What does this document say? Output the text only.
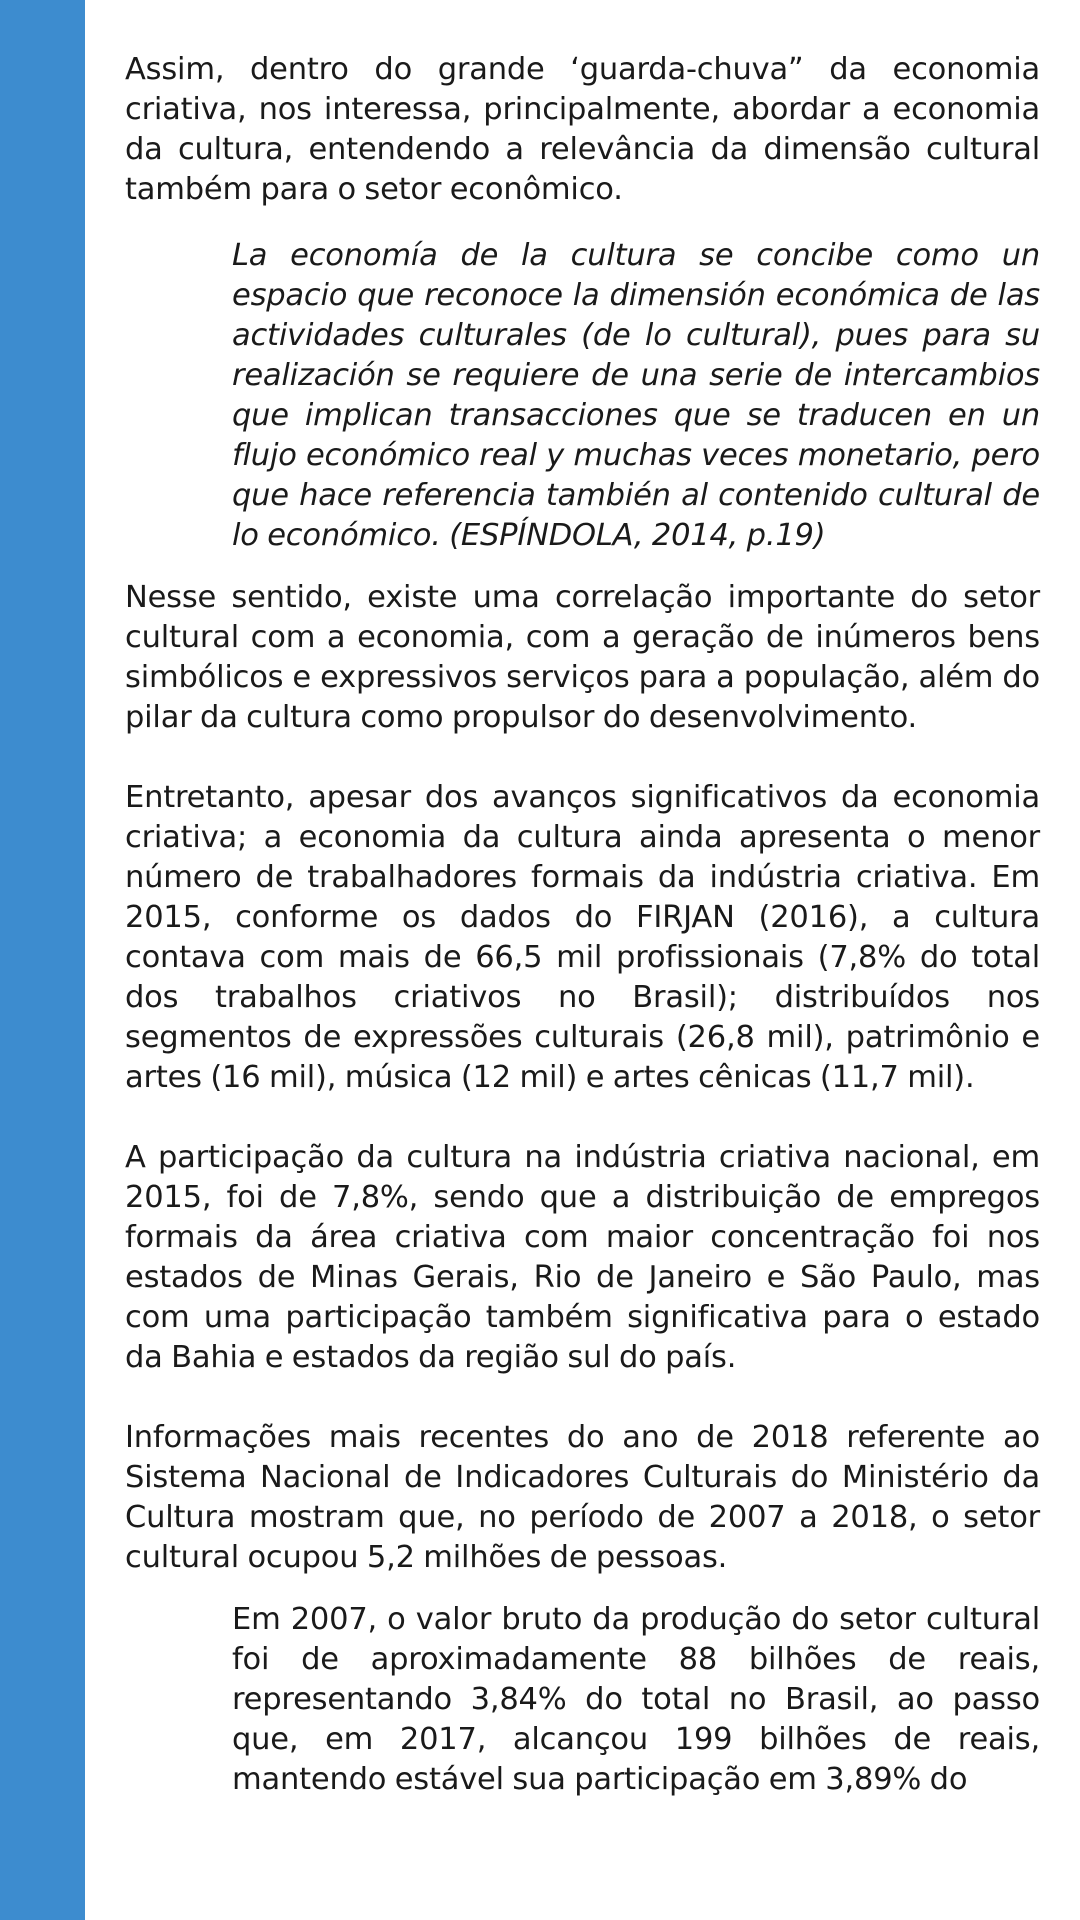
Assim, dentro do grande ‘guarda-chuva” da economia criativa, nos interessa, principalmente, abordar a economia da cultura, entendendo a relevância da dimensão cultural também para o setor econômico.

La economía de la cultura se concibe como un espacio que reconoce la dimensión económica de las actividades culturales (de lo cultural), pues para su realización se requiere de una serie de intercambios que implican transacciones que se traducen en un flujo económico real y muchas veces monetario, pero que hace referencia también al contenido cultural de lo económico. (ESPÍNDOLA, 2014, p.19)

Nesse sentido, existe uma correlação importante do setor cultural com a economia, com a geração de inúmeros bens simbólicos e expressivos serviços para a população, além do pilar da cultura como propulsor do desenvolvimento.

Entretanto, apesar dos avanços significativos da economia criativa; a economia da cultura ainda apresenta o menor número de trabalhadores formais da indústria criativa. Em 2015, conforme os dados do FIRJAN (2016), a cultura contava com mais de 66,5 mil profissionais (7,8% do total dos trabalhos criativos no Brasil); distribuídos nos segmentos de expressões culturais (26,8 mil), patrimônio e artes (16 mil), música (12 mil) e artes cênicas (11,7 mil).

A participação da cultura na indústria criativa nacional, em 2015, foi de 7,8%, sendo que a distribuição de empregos formais da área criativa com maior concentração foi nos estados de Minas Gerais, Rio de Janeiro e São Paulo, mas com uma participação também significativa para o estado da Bahia e estados da região sul do país.

Informações mais recentes do ano de 2018 referente ao Sistema Nacional de Indicadores Culturais do Ministério da Cultura mostram que, no período de 2007 a 2018, o setor cultural ocupou 5,2 milhões de pessoas.

Em 2007, o valor bruto da produção do setor cultural foi de aproximadamente 88 bilhões de reais, representando 3,84% do total no Brasil, ao passo que, em 2017, alcançou 199 bilhões de reais, mantendo estável sua participação em 3,89% do
